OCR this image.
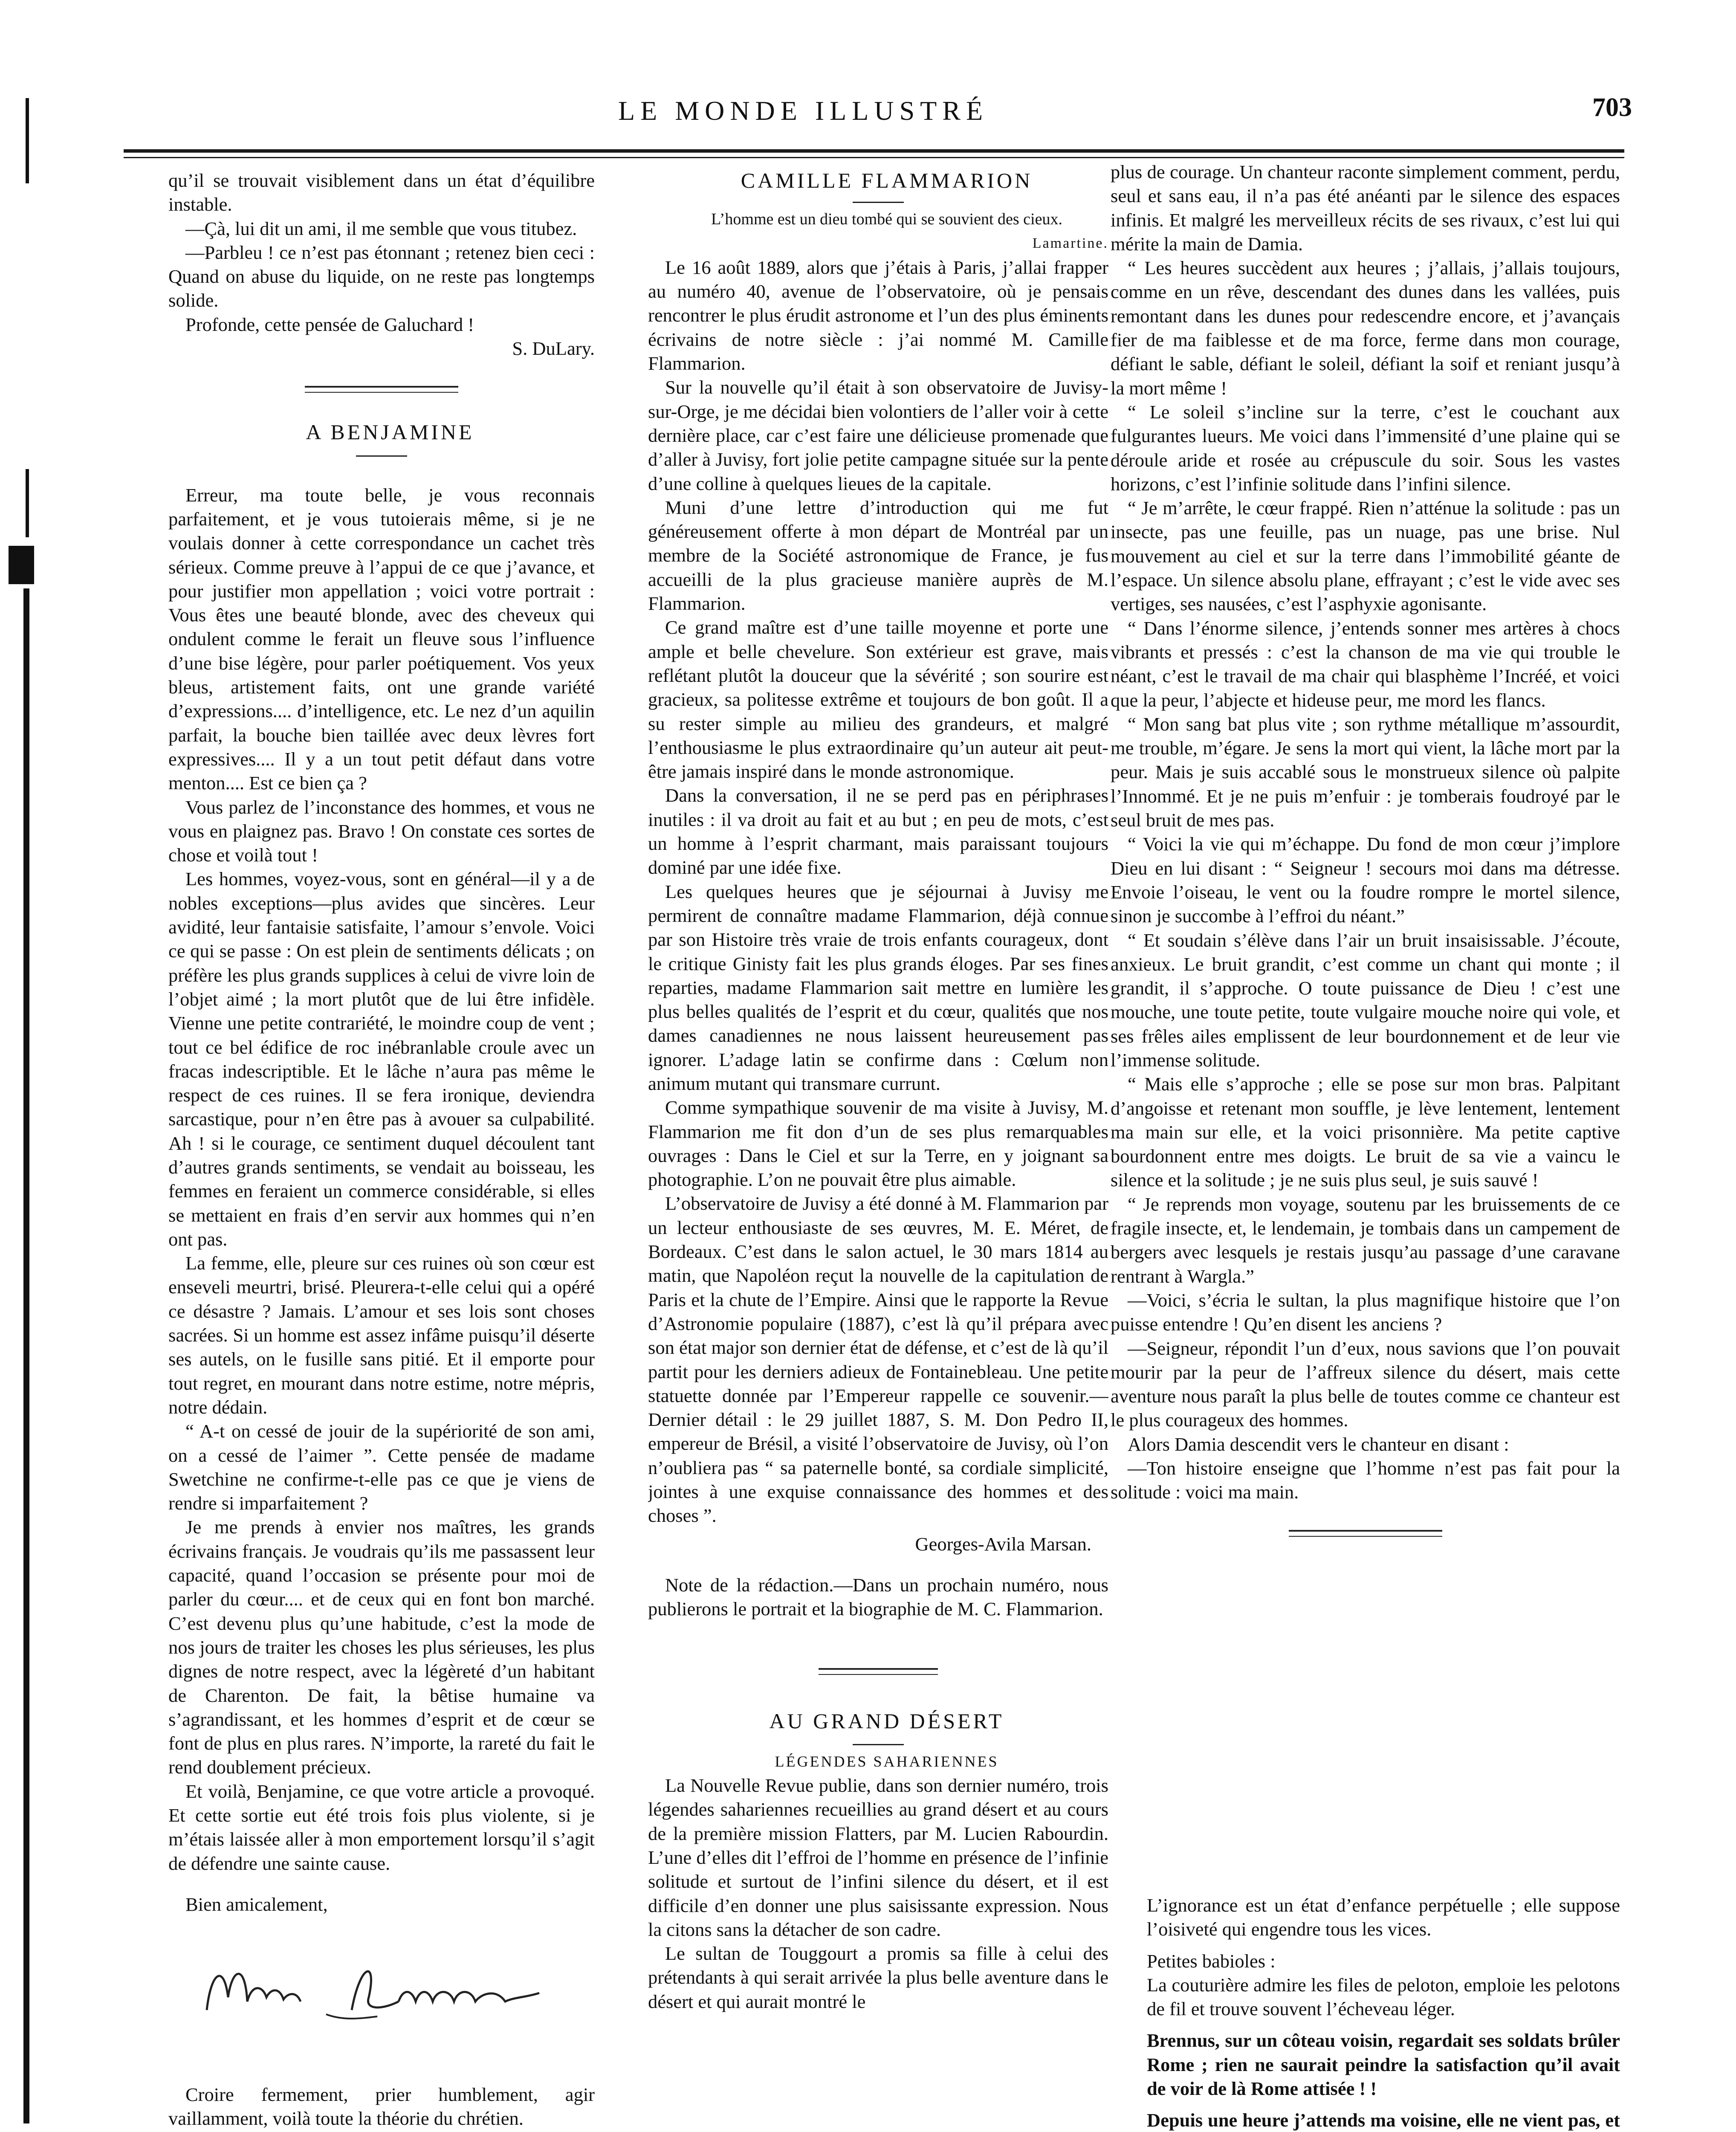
LE MONDE ILLUSTRÉ	703

qu’il se trouvait visiblement dans un état d’équilibre instable.

—Çà, lui dit un ami, il me semble que vous titubez.

—Parbleu ! ce n’est pas étonnant ; retenez bien ceci : Quand on abuse du liquide, on ne reste pas longtemps solide.

Profonde, cette pensée de Galuchard !

S. DuLary.

A BENJAMINE

Erreur, ma toute belle, je vous reconnais parfaitement, et je vous tutoierais même, si je ne voulais donner à cette correspondance un cachet très sérieux. Comme preuve à l’appui de ce que j’avance, et pour justifier mon appellation ; voici votre portrait : Vous êtes une beauté blonde, avec des cheveux qui ondulent comme le ferait un fleuve sous l’influence d’une bise légère, pour parler poétiquement. Vos yeux bleus, artistement faits, ont une grande variété d’expressions.... d’intelligence, etc. Le nez d’un aquilin parfait, la bouche bien taillée avec deux lèvres fort expressives.... Il y a un tout petit défaut dans votre menton.... Est ce bien ça ?

Vous parlez de l’inconstance des hommes, et vous ne vous en plaignez pas. Bravo ! On constate ces sortes de chose et voilà tout !

Les hommes, voyez-vous, sont en général—il y a de nobles exceptions—plus avides que sincères. Leur avidité, leur fantaisie satisfaite, l’amour s’envole. Voici ce qui se passe : On est plein de sentiments délicats ; on préfère les plus grands supplices à celui de vivre loin de l’objet aimé ; la mort plutôt que de lui être infidèle. Vienne une petite contrariété, le moindre coup de vent ; tout ce bel édifice de roc inébranlable croule avec un fracas indescriptible. Et le lâche n’aura pas même le respect de ces ruines. Il se fera ironique, deviendra sarcastique, pour n’en être pas à avouer sa culpabilité. Ah ! si le courage, ce sentiment duquel découlent tant d’autres grands sentiments, se vendait au boisseau, les femmes en feraient un commerce considérable, si elles se mettaient en frais d’en servir aux hommes qui n’en ont pas.

La femme, elle, pleure sur ces ruines où son cœur est enseveli meurtri, brisé. Pleurera-t-elle celui qui a opéré ce désastre ? Jamais. L’amour et ses lois sont choses sacrées. Si un homme est assez infâme puisqu’il déserte ses autels, on le fusille sans pitié. Et il emporte pour tout regret, en mourant dans notre estime, notre mépris, notre dédain.

“ A-t on cessé de jouir de la supériorité de son ami, on a cessé de l’aimer ”. Cette pensée de madame Swetchine ne confirme-t-elle pas ce que je viens de rendre si imparfaitement ?

Je me prends à envier nos maîtres, les grands écrivains français. Je voudrais qu’ils me passassent leur capacité, quand l’occasion se présente pour moi de parler du cœur.... et de ceux qui en font bon marché. C’est devenu plus qu’une habitude, c’est la mode de nos jours de traiter les choses les plus sérieuses, les plus dignes de notre respect, avec la légèreté d’un habitant de Charenton. De fait, la bêtise humaine va s’agrandissant, et les hommes d’esprit et de cœur se font de plus en plus rares. N’importe, la rareté du fait le rend doublement précieux.

Et voilà, Benjamine, ce que votre article a provoqué. Et cette sortie eut été trois fois plus violente, si je m’étais laissée aller à mon emportement lorsqu’il s’agit de défendre une sainte cause.

Bien amicalement,

Croire fermement, prier humblement, agir vaillamment, voilà toute la théorie du chrétien.

CAMILLE FLAMMARION

L’homme est un dieu tombé qui se souvient des cieux.

Lamartine.

Le 16 août 1889, alors que j’étais à Paris, j’allai frapper au numéro 40, avenue de l’observatoire, où je pensais rencontrer le plus érudit astronome et l’un des plus éminents écrivains de notre siècle : j’ai nommé M. Camille Flammarion.

Sur la nouvelle qu’il était à son observatoire de Juvisy-sur-Orge, je me décidai bien volontiers de l’aller voir à cette dernière place, car c’est faire une délicieuse promenade que d’aller à Juvisy, fort jolie petite campagne située sur la pente d’une colline à quelques lieues de la capitale.

Muni d’une lettre d’introduction qui me fut généreusement offerte à mon départ de Montréal par un membre de la Société astronomique de France, je fus accueilli de la plus gracieuse manière auprès de M. Flammarion.

Ce grand maître est d’une taille moyenne et porte une ample et belle chevelure. Son extérieur est grave, mais reflétant plutôt la douceur que la sévérité ; son sourire est gracieux, sa politesse extrême et toujours de bon goût. Il a su rester simple au milieu des grandeurs, et malgré l’enthousiasme le plus extraordinaire qu’un auteur ait peut-être jamais inspiré dans le monde astronomique.

Dans la conversation, il ne se perd pas en périphrases inutiles : il va droit au fait et au but ; en peu de mots, c’est un homme à l’esprit charmant, mais paraissant toujours dominé par une idée fixe.

Les quelques heures que je séjournai à Juvisy me permirent de connaître madame Flammarion, déjà connue par son Histoire très vraie de trois enfants courageux, dont le critique Ginisty fait les plus grands éloges. Par ses fines reparties, madame Flammarion sait mettre en lumière les plus belles qualités de l’esprit et du cœur, qualités que nos dames canadiennes ne nous laissent heureusement pas ignorer. L’adage latin se confirme dans : Cœlum non animum mutant qui transmare currunt.

Comme sympathique souvenir de ma visite à Juvisy, M. Flammarion me fit don d’un de ses plus remarquables ouvrages : Dans le Ciel et sur la Terre, en y joignant sa photographie. L’on ne pouvait être plus aimable.

L’observatoire de Juvisy a été donné à M. Flammarion par un lecteur enthousiaste de ses œuvres, M. E. Méret, de Bordeaux. C’est dans le salon actuel, le 30 mars 1814 au matin, que Napoléon reçut la nouvelle de la capitulation de Paris et la chute de l’Empire. Ainsi que le rapporte la Revue d’Astronomie populaire (1887), c’est là qu’il prépara avec son état major son dernier état de défense, et c’est de là qu’il partit pour les derniers adieux de Fontainebleau. Une petite statuette donnée par l’Empereur rappelle ce souvenir.—Dernier détail : le 29 juillet 1887, S. M. Don Pedro II, empereur de Brésil, a visité l’observatoire de Juvisy, où l’on n’oubliera pas “ sa paternelle bonté, sa cordiale simplicité, jointes à une exquise connaissance des hommes et des choses ”.

Georges-Avila Marsan.

Note de la rédaction.—Dans un prochain numéro, nous publierons le portrait et la biographie de M. C. Flammarion.

AU GRAND DÉSERT

LÉGENDES SAHARIENNES

La Nouvelle Revue publie, dans son dernier numéro, trois légendes sahariennes recueillies au grand désert et au cours de la première mission Flatters, par M. Lucien Rabourdin. L’une d’elles dit l’effroi de l’homme en présence de l’infinie solitude et surtout de l’infini silence du désert, et il est difficile d’en donner une plus saisissante expression. Nous la citons sans la détacher de son cadre.

Le sultan de Touggourt a promis sa fille à celui des prétendants à qui serait arrivée la plus belle aventure dans le désert et qui aurait montré le

plus de courage. Un chanteur raconte simplement comment, perdu, seul et sans eau, il n’a pas été anéanti par le silence des espaces infinis. Et malgré les merveilleux récits de ses rivaux, c’est lui qui mérite la main de Damia.

“ Les heures succèdent aux heures ; j’allais, j’allais toujours, comme en un rêve, descendant des dunes dans les vallées, puis remontant dans les dunes pour redescendre encore, et j’avançais fier de ma faiblesse et de ma force, ferme dans mon courage, défiant le sable, défiant le soleil, défiant la soif et reniant jusqu’à la mort même !

“ Le soleil s’incline sur la terre, c’est le couchant aux fulgurantes lueurs. Me voici dans l’immensité d’une plaine qui se déroule aride et rosée au crépuscule du soir. Sous les vastes horizons, c’est l’infinie solitude dans l’infini silence.

“ Je m’arrête, le cœur frappé. Rien n’atténue la solitude : pas un insecte, pas une feuille, pas un nuage, pas une brise. Nul mouvement au ciel et sur la terre dans l’immobilité géante de l’espace. Un silence absolu plane, effrayant ; c’est le vide avec ses vertiges, ses nausées, c’est l’asphyxie agonisante.

“ Dans l’énorme silence, j’entends sonner mes artères à chocs vibrants et pressés : c’est la chanson de ma vie qui trouble le néant, c’est le travail de ma chair qui blasphème l’Incréé, et voici que la peur, l’abjecte et hideuse peur, me mord les flancs.

“ Mon sang bat plus vite ; son rythme métallique m’assourdit, me trouble, m’égare. Je sens la mort qui vient, la lâche mort par la peur. Mais je suis accablé sous le monstrueux silence où palpite l’Innommé. Et je ne puis m’enfuir : je tomberais foudroyé par le seul bruit de mes pas.

“ Voici la vie qui m’échappe. Du fond de mon cœur j’implore Dieu en lui disant : “ Seigneur ! secours moi dans ma détresse. Envoie l’oiseau, le vent ou la foudre rompre le mortel silence, sinon je succombe à l’effroi du néant.”

“ Et soudain s’élève dans l’air un bruit insaisissable. J’écoute, anxieux. Le bruit grandit, c’est comme un chant qui monte ; il grandit, il s’approche. O toute puissance de Dieu ! c’est une mouche, une toute petite, toute vulgaire mouche noire qui vole, et ses frêles ailes emplissent de leur bourdonnement et de leur vie l’immense solitude.

“ Mais elle s’approche ; elle se pose sur mon bras. Palpitant d’angoisse et retenant mon souffle, je lève lentement, lentement ma main sur elle, et la voici prisonnière. Ma petite captive bourdonnent entre mes doigts. Le bruit de sa vie a vaincu le silence et la solitude ; je ne suis plus seul, je suis sauvé !

“ Je reprends mon voyage, soutenu par les bruissements de ce fragile insecte, et, le lendemain, je tombais dans un campement de bergers avec lesquels je restais jusqu’au passage d’une caravane rentrant à Wargla.”

—Voici, s’écria le sultan, la plus magnifique histoire que l’on puisse entendre ! Qu’en disent les anciens ?

—Seigneur, répondit l’un d’eux, nous savions que l’on pouvait mourir par la peur de l’affreux silence du désert, mais cette aventure nous paraît la plus belle de toutes comme ce chanteur est le plus courageux des hommes.

Alors Damia descendit vers le chanteur en disant :

—Ton histoire enseigne que l’homme n’est pas fait pour la solitude : voici ma main.

L’ignorance est un état d’enfance perpétuelle ; elle suppose l’oisiveté qui engendre tous les vices.

Petites babioles :

La couturière admire les files de peloton, emploie les pelotons de fil et trouve souvent l’écheveau léger.

Brennus, sur un côteau voisin, regardait ses soldats brûler Rome ; rien ne saurait peindre la satisfaction qu’il avait de voir de là Rome attisée ! !

Depuis une heure j’attends ma voisine, elle ne vient pas, et
